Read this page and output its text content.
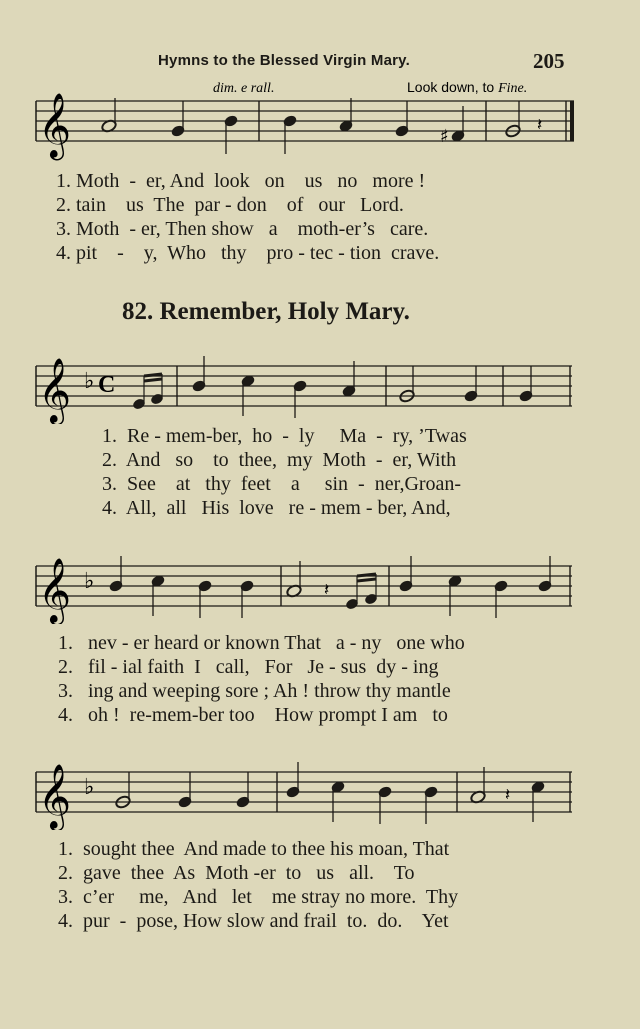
Hymns to the Blessed Virgin Mary.	205
dim. e rall.	Look down, to Fine.
𝄞	♯
𝄽
1. Moth  -  er, And  look   on    us   no   more !
2. tain    us  The  par - don    of   our   Lord.
3. Moth  - er, Then show   a    moth-er’s   care.
4. pit    -    y,  Who   thy    pro - tec - tion  crave.
82. Remember, Holy Mary.
𝄞 ♭ C
1.  Re - mem-ber,  ho  -  ly     Ma  -  ry, ’Twas
2.  And   so    to  thee,  my  Moth  -  er, With
3.  See    at   thy  feet    a     sin  -  ner,Groan-
4.  All,  all   His  love   re - mem - ber, And,
𝄞 ♭	𝄽
1.   nev - er heard or known That   a - ny   one who
2.   fil - ial faith  I   call,   For   Je - sus  dy - ing
3.   ing and weeping sore ; Ah ! throw thy mantle
4.   oh !  re-mem-ber too    How prompt I am   to
𝄞 ♭	𝄽
1.  sought thee  And made to thee his moan, That
2.  gave  thee  As  Moth -er  to   us   all.    To
3.  c’er     me,   And   let    me stray no more.  Thy
4.  pur  -  pose, How slow and frail  to.  do.    Yet
